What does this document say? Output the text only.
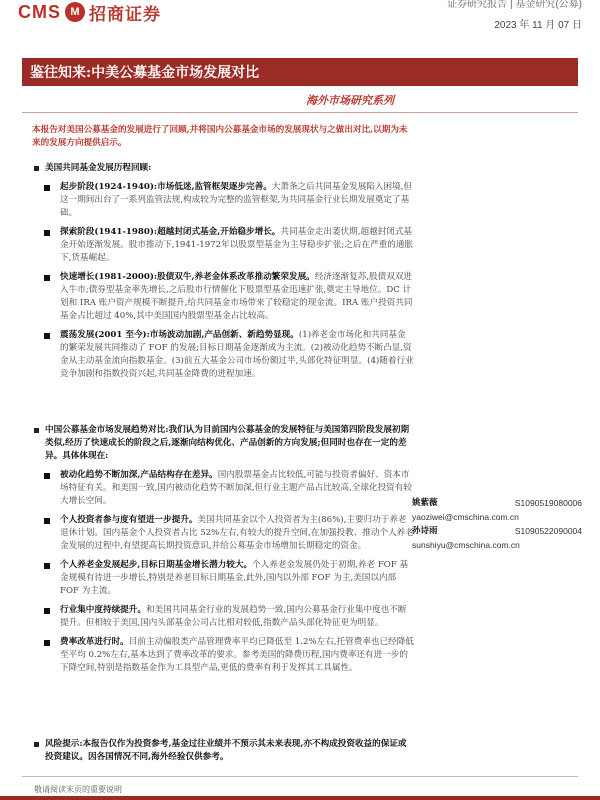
CMS M 招商证券	证券研究报告 | 基金研究(公募)
2023 年 11 月 07 日
鉴往知来:中美公募基金市场发展对比
海外市场研究系列
本报告对美国公募基金的发展进行了回顾,并将国内公募基金市场的发展现状与之做出对比,以期为未来的发展方向提供启示。
美国共同基金发展历程回顾:
起步阶段(1924-1940):市场低迷,监管框架逐步完善。大萧条之后共同基金发展陷入困境,但这一期间出台了一系列监管法规,构成较为完整的监管框架,为共同基金行业长期发展奠定了基础。
探索阶段(1941-1980):超越封闭式基金,开始稳步增长。共同基金走出萎伏期,超越封闭式基金开始逐渐发展。股市推动下,1941-1972年以股票型基金为主导稳步扩张;之后在严重的通胀下,货基崛起。
快速增长(1981-2000):股债双牛,养老金体系改革推动繁荣发展。经济逐渐复苏,股债双双进入牛市;债券型基金率先增长,之后股市行情催化下股票型基金迅速扩张,奠定主导地位。DC 计划和 IRA 账户资产规模不断提升,给共同基金市场带来了较稳定的现金流。IRA 账户投资共同基金占比超过 40%,其中美国国内股票型基金占比较高。
震荡发展(2001 至今):市场波动加剧,产品创新、新趋势显现。(1)养老金市场化和共同基金的繁荣发展共同推动了 FOF 的发展;目标日期基金逐渐成为主流。(2)被动化趋势不断凸显,资金从主动基金流向指数基金。(3)前五大基金公司市场份额过半,头部化特征明显。(4)随着行业竞争加剧和指数投资兴起,共同基金降费的进程加速。
中国公募基金市场发展趋势对比:我们认为目前国内公募基金的发展特征与美国第四阶段发展初期类似,经历了快速成长的阶段之后,逐渐向结构优化、产品创新的方向发展;但同时也存在一定的差异。具体体现在:
被动化趋势不断加深,产品结构存在差异。国内股票基金占比较低,可能与投资者偏好、资本市场特征有关。和美国一致,国内被动化趋势不断加深,但行业主题产品占比较高,全球化投资有较大增长空间。
个人投资者参与度有望进一步提升。美国共同基金以个人投资者为主(86%),主要归功于养老退休计划。国内基金个人投资者占比 52%左右,有较大的提升空间,在加强投教、推动个人养老金发展的过程中,有望提高长期投资意识,并给公募基金市场增加长期稳定的资金。
个人养老金发展起步,目标日期基金增长潜力较大。个人养老金发展仍处于初期,养老 FOF 基金规模有待进一步增长,特别是养老目标日期基金,此外,国内以外部 FOF 为主,美国以内部 FOF 为主流。
行业集中度持续提升。和美国共同基金行业的发展趋势一致,国内公募基金行业集中度也不断提升。但相较于美国,国内头部基金公司占比相对较低,指数产品头部化特征更为明显。
费率改革进行时。目前主动偏股类产品管理费率平均已降低至 1.2%左右,托管费率也已经降低至平均 0.2%左右,基本达到了费率改革的要求。参考美国的降费历程,国内费率还有进一步的下降空间,特别是指数基金作为工具型产品,更低的费率有利于发挥其工具属性。
风险提示:本报告仅作为投资参考,基金过往业绩并不预示其未来表现,亦不构成投资收益的保证或投资建议。因各国情况不同,海外经验仅供参考。
姚紫薇	S1090519080006
yaoziwei@cmschina.com.cn
孙诗雨	S1090522090004
sunshiyu@cmschina.com.cn
敬请阅读末页的重要说明
